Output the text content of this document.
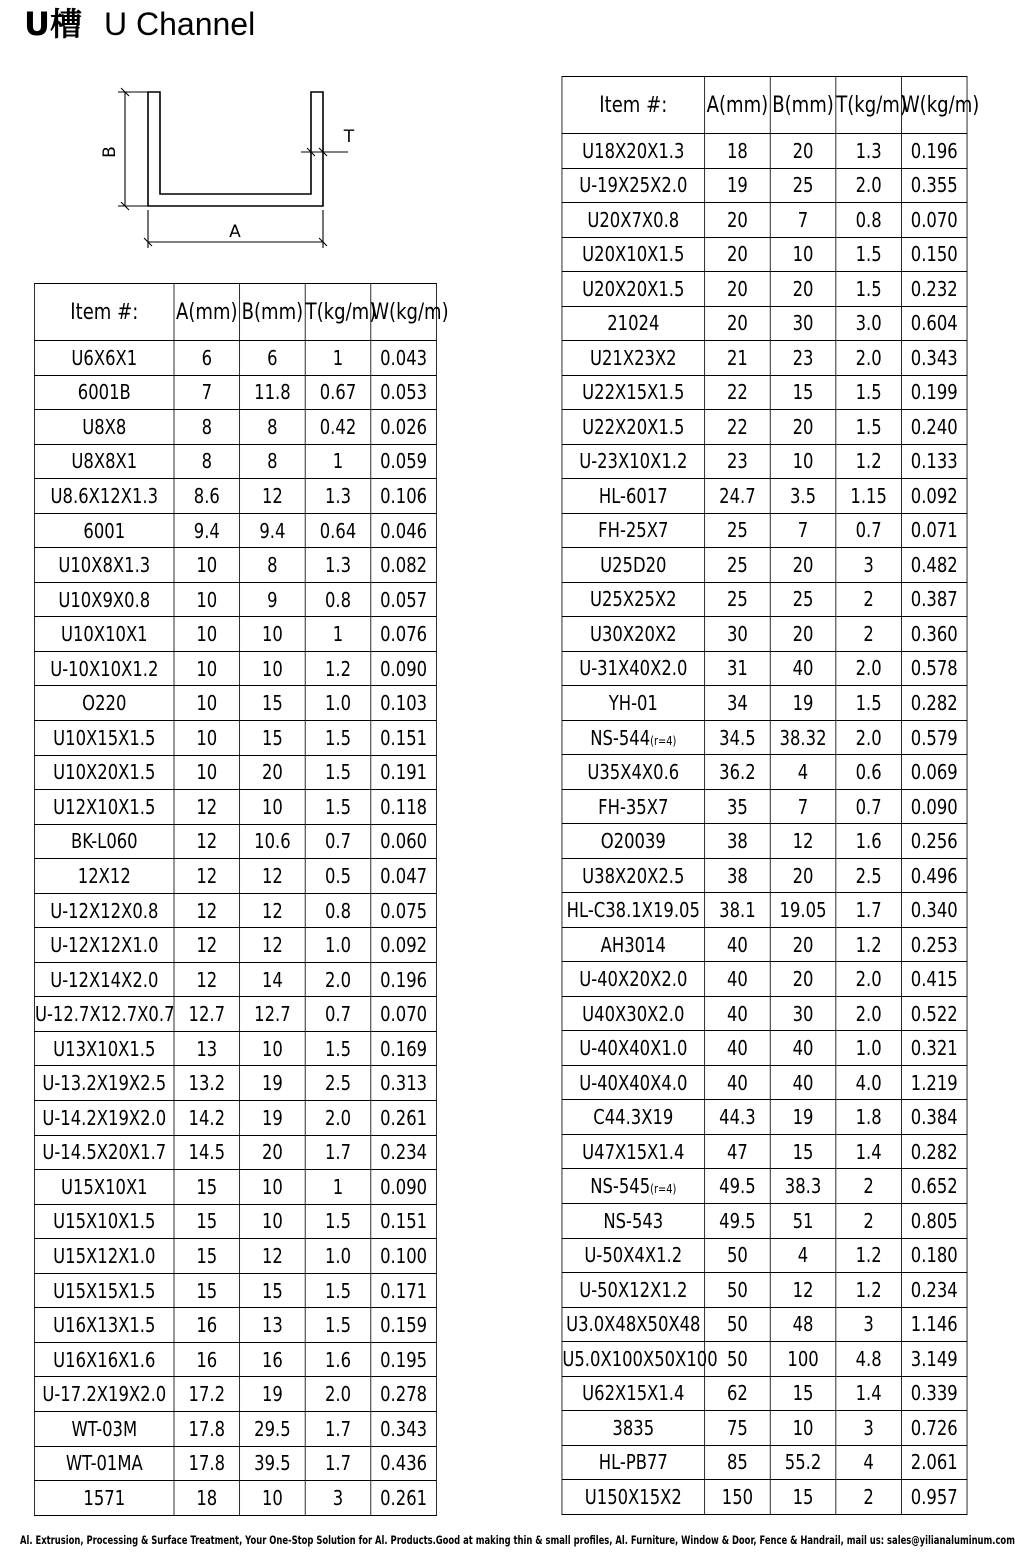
U槽 U Channel
B
A
T
Item #:	A(mm)	B(mm)	T(kg/m)	W(kg/m)
U6X6X1	6	6	1	0.043
6001B	7	11.8	0.67	0.053
U8X8	8	8	0.42	0.026
U8X8X1	8	8	1	0.059
U8.6X12X1.3	8.6	12	1.3	0.106
6001	9.4	9.4	0.64	0.046
U10X8X1.3	10	8	1.3	0.082
U10X9X0.8	10	9	0.8	0.057
U10X10X1	10	10	1	0.076
U-10X10X1.2	10	10	1.2	0.090
O220	10	15	1.0	0.103
U10X15X1.5	10	15	1.5	0.151
U10X20X1.5	10	20	1.5	0.191
U12X10X1.5	12	10	1.5	0.118
BK-L060	12	10.6	0.7	0.060
12X12	12	12	0.5	0.047
U-12X12X0.8	12	12	0.8	0.075
U-12X12X1.0	12	12	1.0	0.092
U-12X14X2.0	12	14	2.0	0.196
U-12.7X12.7X0.7	12.7	12.7	0.7	0.070
U13X10X1.5	13	10	1.5	0.169
U-13.2X19X2.5	13.2	19	2.5	0.313
U-14.2X19X2.0	14.2	19	2.0	0.261
U-14.5X20X1.7	14.5	20	1.7	0.234
U15X10X1	15	10	1	0.090
U15X10X1.5	15	10	1.5	0.151
U15X12X1.0	15	12	1.0	0.100
U15X15X1.5	15	15	1.5	0.171
U16X13X1.5	16	13	1.5	0.159
U16X16X1.6	16	16	1.6	0.195
U-17.2X19X2.0	17.2	19	2.0	0.278
WT-03M	17.8	29.5	1.7	0.343
WT-01MA	17.8	39.5	1.7	0.436
1571	18	10	3	0.261
Item #:	A(mm)	B(mm)	T(kg/m)	W(kg/m)
U18X20X1.3	18	20	1.3	0.196
U-19X25X2.0	19	25	2.0	0.355
U20X7X0.8	20	7	0.8	0.070
U20X10X1.5	20	10	1.5	0.150
U20X20X1.5	20	20	1.5	0.232
21024	20	30	3.0	0.604
U21X23X2	21	23	2.0	0.343
U22X15X1.5	22	15	1.5	0.199
U22X20X1.5	22	20	1.5	0.240
U-23X10X1.2	23	10	1.2	0.133
HL-6017	24.7	3.5	1.15	0.092
FH-25X7	25	7	0.7	0.071
U25D20	25	20	3	0.482
U25X25X2	25	25	2	0.387
U30X20X2	30	20	2	0.360
U-31X40X2.0	31	40	2.0	0.578
YH-01	34	19	1.5	0.282
NS-544(r=4)	34.5	38.32	2.0	0.579
U35X4X0.6	36.2	4	0.6	0.069
FH-35X7	35	7	0.7	0.090
O20039	38	12	1.6	0.256
U38X20X2.5	38	20	2.5	0.496
HL-C38.1X19.05	38.1	19.05	1.7	0.340
AH3014	40	20	1.2	0.253
U-40X20X2.0	40	20	2.0	0.415
U40X30X2.0	40	30	2.0	0.522
U-40X40X1.0	40	40	1.0	0.321
U-40X40X4.0	40	40	4.0	1.219
C44.3X19	44.3	19	1.8	0.384
U47X15X1.4	47	15	1.4	0.282
NS-545(r=4)	49.5	38.3	2	0.652
NS-543	49.5	51	2	0.805
U-50X4X1.2	50	4	1.2	0.180
U-50X12X1.2	50	12	1.2	0.234
U3.0X48X50X48	50	48	3	1.146
U5.0X100X50X100	50	100	4.8	3.149
U62X15X1.4	62	15	1.4	0.339
3835	75	10	3	0.726
HL-PB77	85	55.2	4	2.061
U150X15X2	150	15	2	0.957
Al. Extrusion, Processing & Surface Treatment, Your One-Stop Solution for Al. Products.Good at making thin & small profiles, Al. Furniture, Window & Door, Fence & Handrail, mail us: sales@yilianaluminum.com
